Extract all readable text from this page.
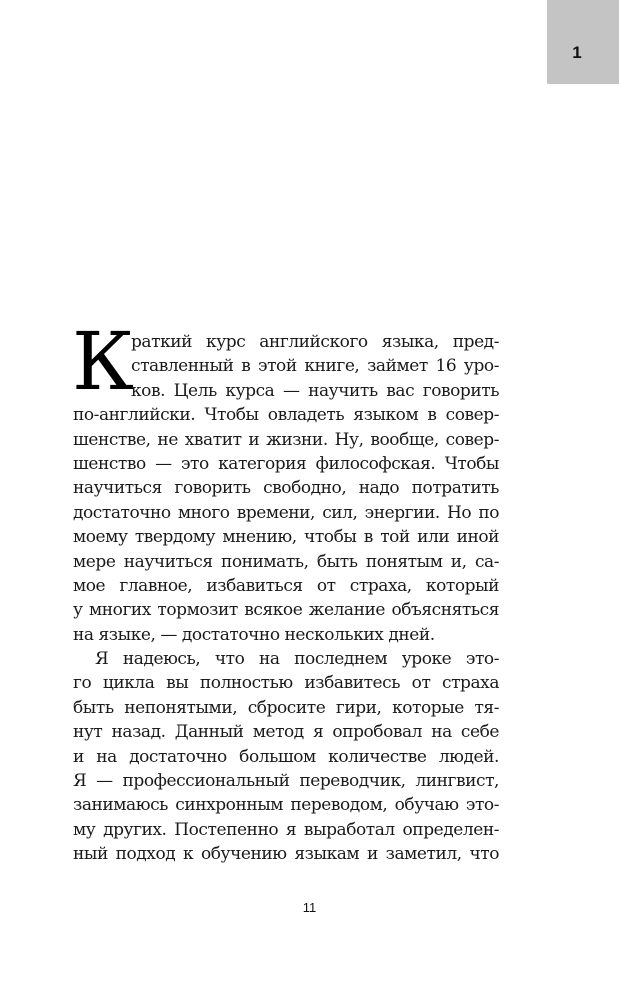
1
К
раткий курс английского языка, пред-
ставленный в этой книге, займет 16 уро-
ков. Цель курса — научить вас говорить
по-английски. Чтобы овладеть языком в совер-
шенстве, не хватит и жизни. Ну, вообще, совер-
шенство — это категория философская. Чтобы
научиться говорить свободно, надо потратить
достаточно много времени, сил, энергии. Но по
моему твердому мнению, чтобы в той или иной
мере научиться понимать, быть понятым и, са-
мое главное, избавиться от страха, который
у многих тормозит всякое желание объясняться
на языке, — достаточно нескольких дней.
Я надеюсь, что на последнем уроке это-
го цикла вы полностью избавитесь от страха
быть непонятыми, сбросите гири, которые тя-
нут назад. Данный метод я опробовал на себе
и на достаточно большом количестве людей.
Я — профессиональный переводчик, лингвист,
занимаюсь синхронным переводом, обучаю это-
му других. Постепенно я выработал определен-
ный подход к обучению языкам и заметил, что
11
